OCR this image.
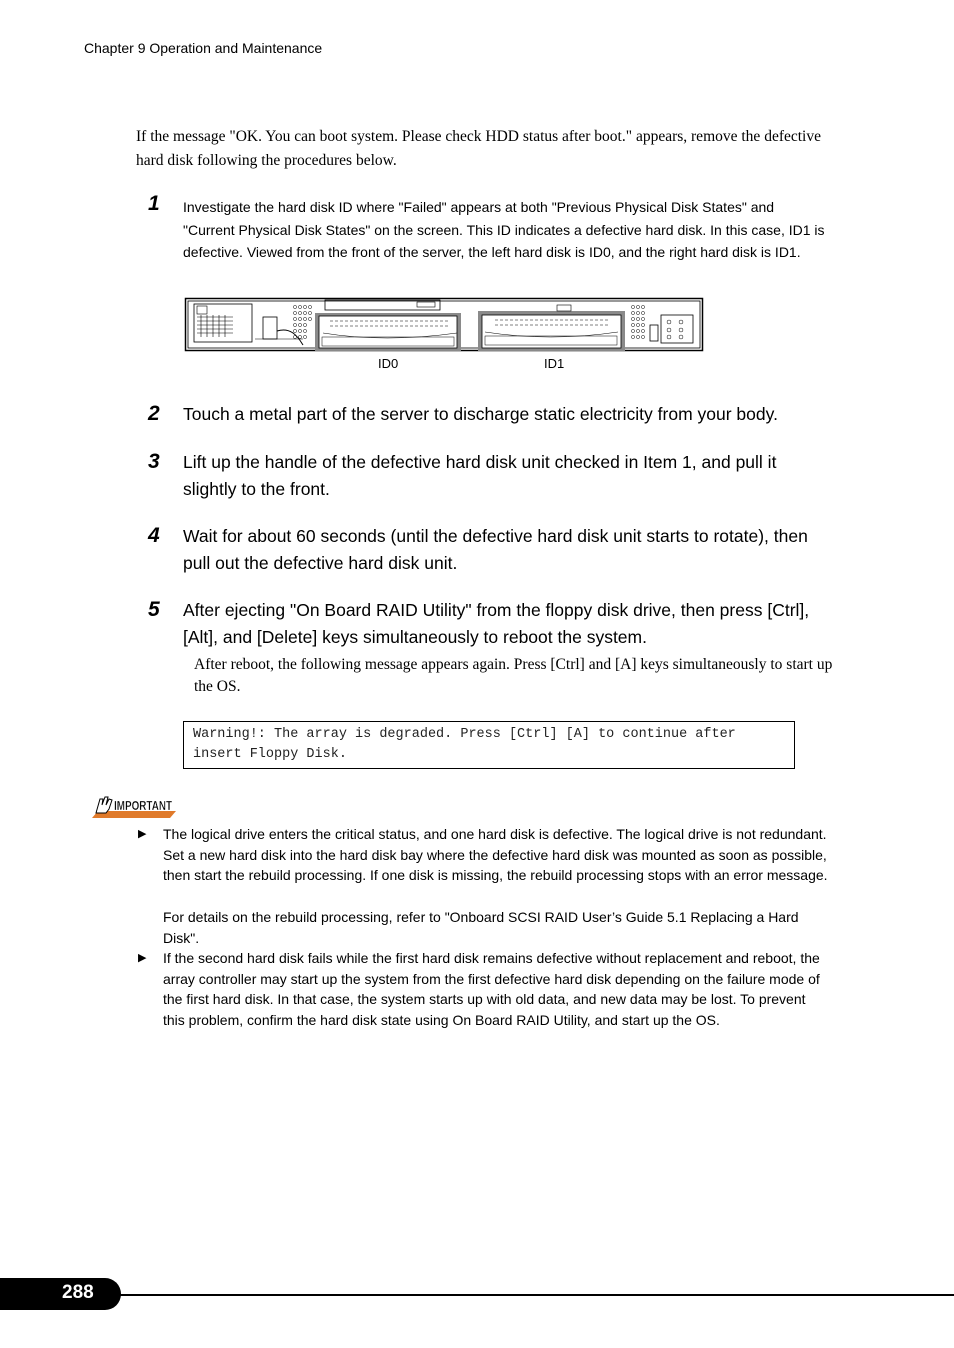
Chapter 9 Operation and Maintenance
If the message "OK. You can boot system. Please check HDD status after boot." appears, remove the defective hard disk following the procedures below.
1 Investigate the hard disk ID where "Failed" appears at both "Previous Physical Disk States" and "Current Physical Disk States" on the screen. This ID indicates a defective hard disk. In this case, ID1 is defective. Viewed from the front of the server, the left hard disk is ID0, and the right hard disk is ID1.
ID0	ID1
2 Touch a metal part of the server to discharge static electricity from your body.
3 Lift up the handle of the defective hard disk unit checked in Item 1, and pull it slightly to the front.
4 Wait for about 60 seconds (until the defective hard disk unit starts to rotate), then pull out the defective hard disk unit.
5 After ejecting "On Board RAID Utility" from the floppy disk drive, then press [Ctrl], [Alt], and [Delete] keys simultaneously to reboot the system.
After reboot, the following message appears again. Press [Ctrl] and [A] keys simultaneously to start up the OS.
Warning!: The array is degraded. Press [Ctrl] [A] to continue after
insert Floppy Disk.
IMPORTANT
▶ The logical drive enters the critical status, and one hard disk is defective. The logical drive is not redundant. Set a new hard disk into the hard disk bay where the defective hard disk was mounted as soon as possible, then start the rebuild processing. If one disk is missing, the rebuild processing stops with an error message.
For details on the rebuild processing, refer to "Onboard SCSI RAID User’s Guide 5.1 Replacing a Hard Disk".
▶ If the second hard disk fails while the first hard disk remains defective without replacement and reboot, the array controller may start up the system from the first defective hard disk depending on the failure mode of the first hard disk. In that case, the system starts up with old data, and new data may be lost. To prevent this problem, confirm the hard disk state using On Board RAID Utility, and start up the OS.
288
